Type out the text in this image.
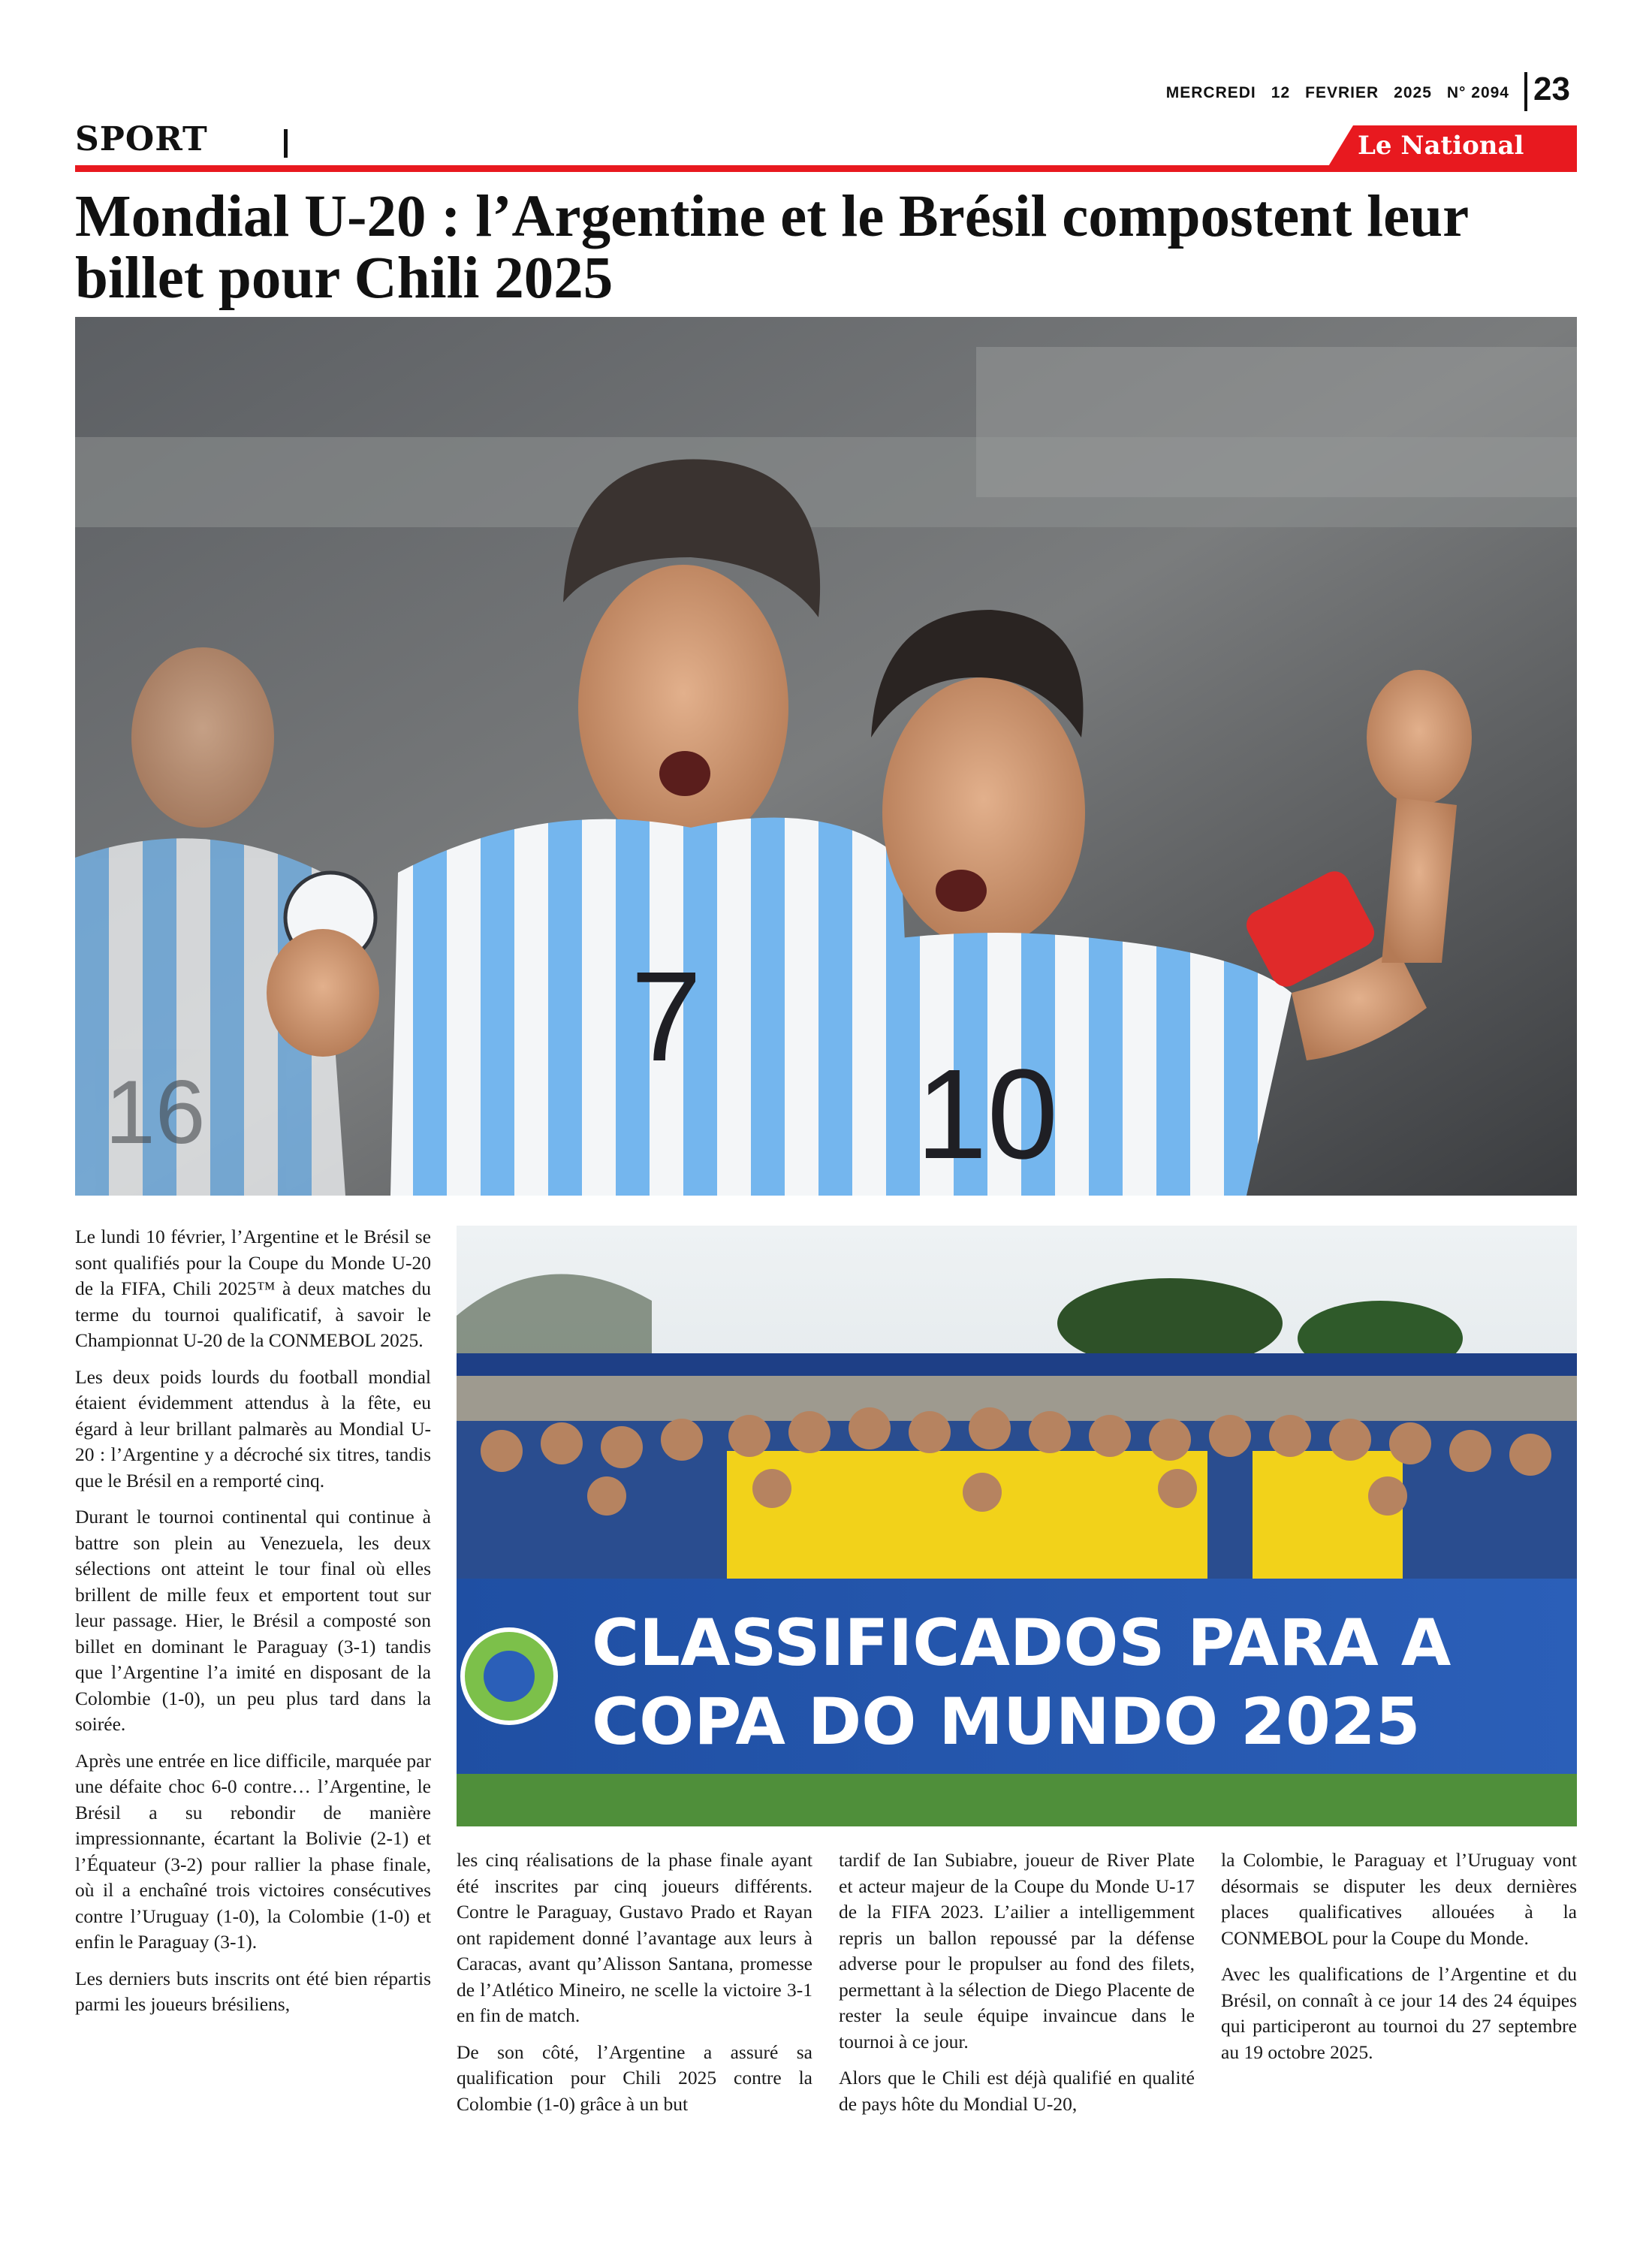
MERCREDI 12 FEVRIER 2025 N° 2094 23
SPORT	Le National
Mondial U-20 : l’Argentine et le Brésil compostent leur billet pour Chili 2025
16
7
10
CLASSIFICADOS PARA A
COPA DO MUNDO 2025

Le lundi 10 février, l’Argentine et le Brésil se sont qualifiés pour la Coupe du Monde U-20 de la FIFA, Chili 2025™ à deux matches du terme du tournoi qualificatif, à savoir le Championnat U-20 de la CONMEBOL 2025.

Les deux poids lourds du football mondial étaient évidemment attendus à la fête, eu égard à leur brillant palmarès au Mondial U-20 : l’Argentine y a décroché six titres, tandis que le Brésil en a remporté cinq.

Durant le tournoi continental qui continue à battre son plein au Venezuela, les deux sélections ont atteint le tour final où elles brillent de mille feux et emportent tout sur leur passage. Hier, le Brésil a composté son billet en dominant le Paraguay (3-1) tandis que l’Argentine l’a imité en disposant de la Colombie (1-0), un peu plus tard dans la soirée.

Après une entrée en lice difficile, marquée par une défaite choc 6-0 contre… l’Argentine, le Brésil a su rebondir de manière impressionnante, écartant la Bolivie (2-1) et l’Équateur (3-2) pour rallier la phase finale, où il a enchaîné trois victoires consécutives contre l’Uruguay (1-0), la Colombie (1-0) et enfin le Paraguay (3-1).

Les derniers buts inscrits ont été bien répartis parmi les joueurs brésiliens,

les cinq réalisations de la phase finale ayant été inscrites par cinq joueurs différents. Contre le Paraguay, Gustavo Prado et Rayan ont rapidement donné l’avantage aux leurs à Caracas, avant qu’Alisson Santana, promesse de l’Atlético Mineiro, ne scelle la victoire 3-1 en fin de match.

De son côté, l’Argentine a assuré sa qualification pour Chili 2025 contre la Colombie (1-0) grâce à un but

tardif de Ian Subiabre, joueur de River Plate et acteur majeur de la Coupe du Monde U-17 de la FIFA 2023. L’ailier a intelligemment repris un ballon repoussé par la défense adverse pour le propulser au fond des filets, permettant à la sélection de Diego Placente de rester la seule équipe invaincue dans le tournoi à ce jour.

Alors que le Chili est déjà qualifié en qualité de pays hôte du Mondial U-20,

la Colombie, le Paraguay et l’Uruguay vont désormais se disputer les deux dernières places qualificatives allouées à la CONMEBOL pour la Coupe du Monde.

Avec les qualifications de l’Argentine et du Brésil, on connaît à ce jour 14 des 24 équipes qui participeront au tournoi du 27 septembre au 19 octobre 2025.
